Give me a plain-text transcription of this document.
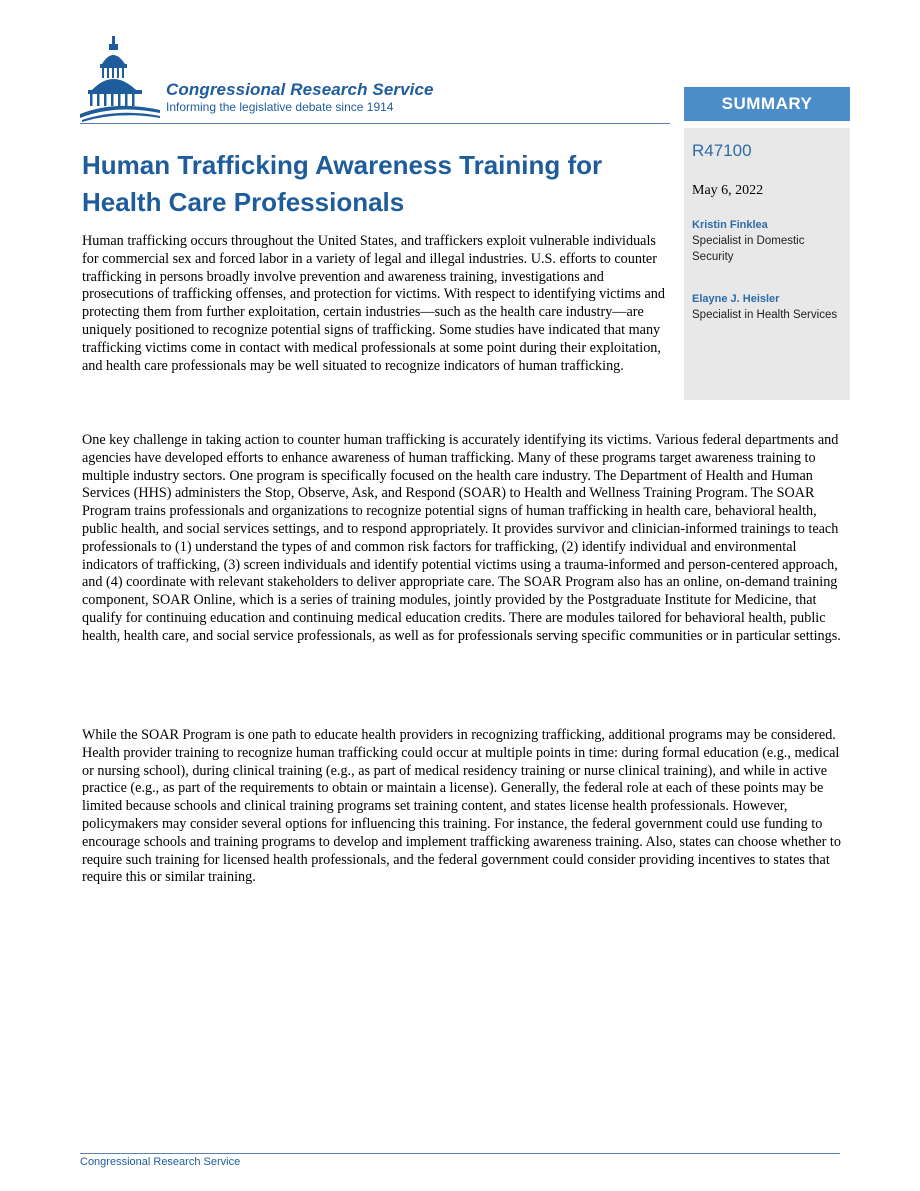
Congressional Research Service
Informing the legislative debate since 1914	SUMMARY
R47100
May 6, 2022
Kristin Finklea
Specialist in Domestic Security
Elayne J. Heisler
Specialist in Health Services
Human Trafficking Awareness Training for Health Care Professionals

Human trafficking occurs throughout the United States, and traffickers exploit vulnerable individuals for commercial sex and forced labor in a variety of legal and illegal industries. U.S. efforts to counter trafficking in persons broadly involve prevention and awareness training, investigations and prosecutions of trafficking offenses, and protection for victims. With respect to identifying victims and protecting them from further exploitation, certain industries—such as the health care industry—are uniquely positioned to recognize potential signs of trafficking. Some studies have indicated that many trafficking victims come in contact with medical professionals at some point during their exploitation, and health care professionals may be well situated to recognize indicators of human trafficking.

One key challenge in taking action to counter human trafficking is accurately identifying its victims. Various federal departments and agencies have developed efforts to enhance awareness of human trafficking. Many of these programs target awareness training to multiple industry sectors. One program is specifically focused on the health care industry. The Department of Health and Human Services (HHS) administers the Stop, Observe, Ask, and Respond (SOAR) to Health and Wellness Training Program. The SOAR Program trains professionals and organizations to recognize potential signs of human trafficking in health care, behavioral health, public health, and social services settings, and to respond appropriately. It provides survivor and clinician-informed trainings to teach professionals to (1) understand the types of and common risk factors for trafficking, (2) identify individual and environmental indicators of trafficking, (3) screen individuals and identify potential victims using a trauma-informed and person-centered approach, and (4) coordinate with relevant stakeholders to deliver appropriate care. The SOAR Program also has an online, on-demand training component, SOAR Online, which is a series of training modules, jointly provided by the Postgraduate Institute for Medicine, that qualify for continuing education and continuing medical education credits. There are modules tailored for behavioral health, public health, health care, and social service professionals, as well as for professionals serving specific communities or in particular settings.

While the SOAR Program is one path to educate health providers in recognizing trafficking, additional programs may be considered. Health provider training to recognize human trafficking could occur at multiple points in time: during formal education (e.g., medical or nursing school), during clinical training (e.g., as part of medical residency training or nurse clinical training), and while in active practice (e.g., as part of the requirements to obtain or maintain a license). Generally, the federal role at each of these points may be limited because schools and clinical training programs set training content, and states license health professionals. However, policymakers may consider several options for influencing this training. For instance, the federal government could use funding to encourage schools and training programs to develop and implement trafficking awareness training. Also, states can choose whether to require such training for licensed health professionals, and the federal government could consider providing incentives to states that require this or similar training.

Congressional Research Service
